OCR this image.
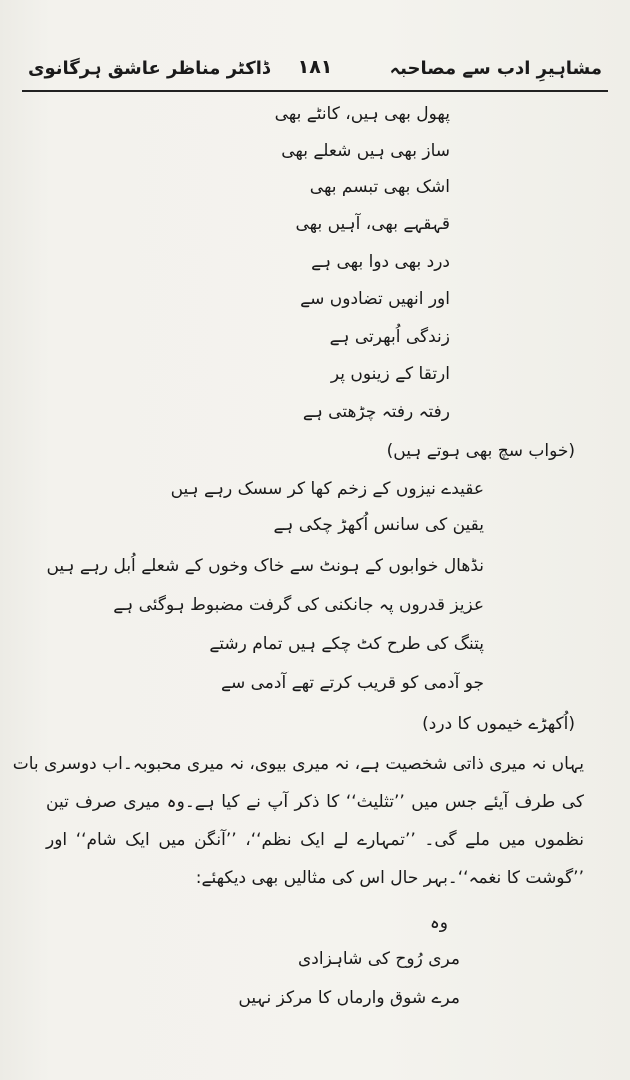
مشاہیرِ ادب سے مصاحبہ
۱۸۱
ڈاکٹر مناظر عاشق ہرگانوی
پھول بھی ہیں، کانٹے بھی
ساز بھی ہیں شعلے بھی
اشک بھی تبسم بھی
قہقہے بھی، آہیں بھی
درد بھی دوا بھی ہے
اور انھیں تضادوں سے
زندگی اُبھرتی ہے
ارتقا کے زینوں پر
رفتہ رفتہ چڑھتی ہے
(خواب سچ بھی ہوتے ہیں)
عقیدے نیزوں کے زخم کھا کر سسک رہے ہیں
یقین کی سانس اُکھڑ چکی ہے
نڈھال خوابوں کے ہونٹ سے خاک وخوں کے شعلے اُبل رہے ہیں
عزیز قدروں پہ جانکنی کی گرفت مضبوط ہوگئی ہے
پتنگ کی طرح کٹ چکے ہیں تمام رشتے
جو آدمی کو قریب کرتے تھے آدمی سے
(اُکھڑے خیموں کا درد)
یہاں نہ میری ذاتی شخصیت ہے، نہ میری بیوی، نہ میری محبوبہ۔اب دوسری بات
کی طرف آیئے جس میں ’’تثلیث‘‘ کا ذکر آپ نے کیا ہے۔وہ میری صرف تین
نظموں میں ملے گی۔ ’’تمہارے لے ایک نظم‘‘، ’’آنگن میں ایک شام‘‘ اور
’’گوشت کا نغمہ‘‘۔بہر حال اس کی مثالیں بھی دیکھئے:
وہ
مری رُوح کی شاہزادی
مرے شوق وارماں کا مرکز نہیں
